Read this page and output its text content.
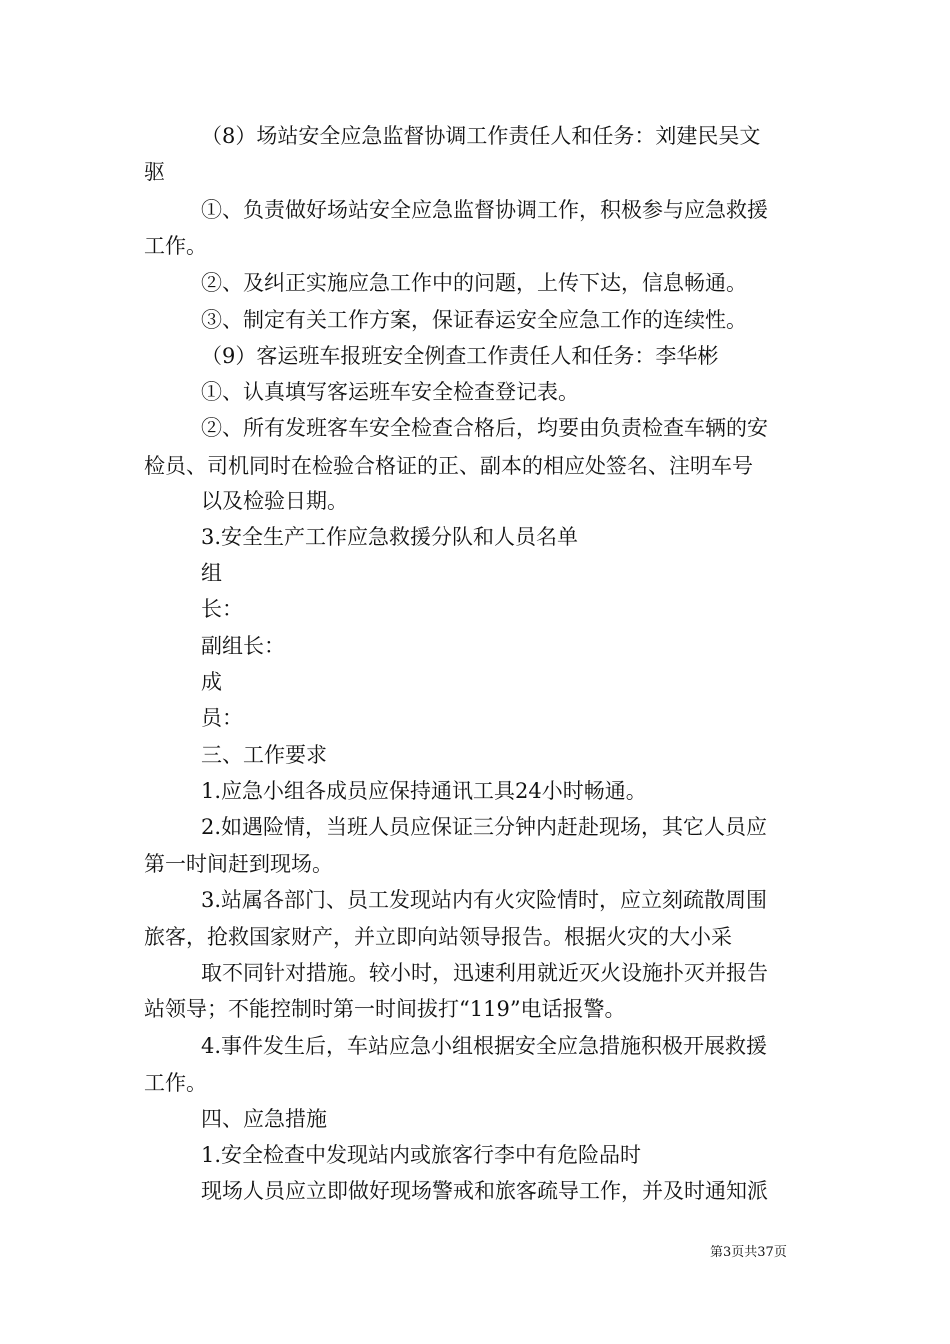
（8）场站安全应急监督协调工作责任人和任务：刘建民吴文
驱
①、负责做好场站安全应急监督协调工作，积极参与应急救援
工作。
②、及纠正实施应急工作中的问题，上传下达，信息畅通。
③、制定有关工作方案，保证春运安全应急工作的连续性。
（9）客运班车报班安全例查工作责任人和任务：李华彬
①、认真填写客运班车安全检查登记表。
②、所有发班客车安全检查合格后，均要由负责检查车辆的安
检员、司机同时在检验合格证的正、副本的相应处签名、注明车号
以及检验日期。
3.安全生产工作应急救援分队和人员名单
组
长：
副组长：
成
员：
三、工作要求
1.应急小组各成员应保持通讯工具24小时畅通。
2.如遇险情，当班人员应保证三分钟内赶赴现场，其它人员应
第一时间赶到现场。
3.站属各部门、员工发现站内有火灾险情时，应立刻疏散周围
旅客，抢救国家财产，并立即向站领导报告。根据火灾的大小采
取不同针对措施。较小时，迅速利用就近灭火设施扑灭并报告
站领导；不能控制时第一时间拔打“119”电话报警。
4.事件发生后，车站应急小组根据安全应急措施积极开展救援
工作。
四、应急措施
1.安全检查中发现站内或旅客行李中有危险品时
现场人员应立即做好现场警戒和旅客疏导工作，并及时通知派
第3页共37页
